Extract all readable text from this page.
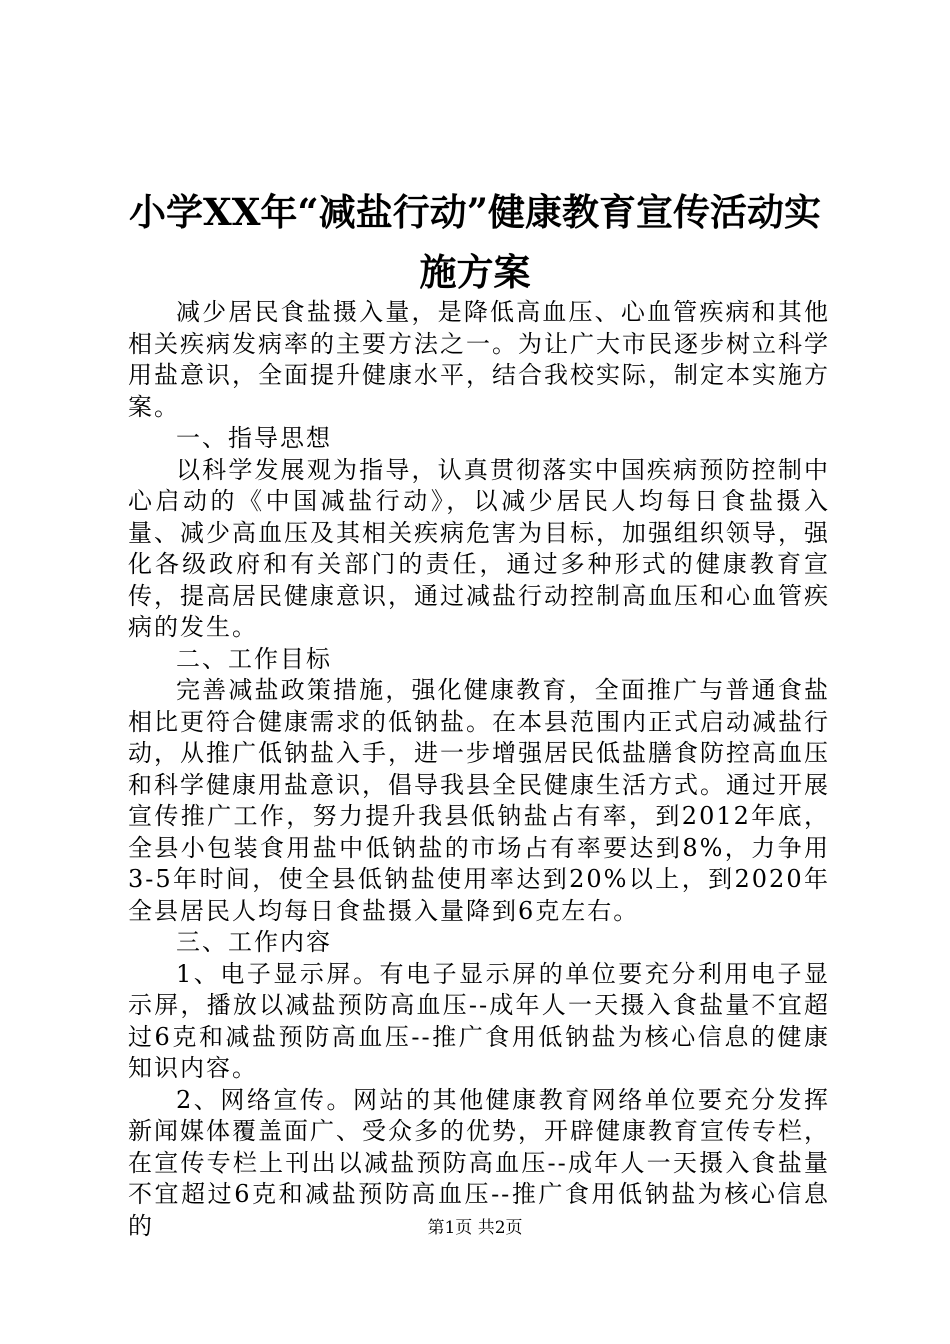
小学XX年“减盐行动”健康教育宣传活动实
施方案

减少居民食盐摄入量，是降低高血压、心血管疾病和其他相关疾病发病率的主要方法之一。为让广大市民逐步树立科学用盐意识，全面提升健康水平，结合我校实际，制定本实施方案。

一、指导思想

以科学发展观为指导，认真贯彻落实中国疾病预防控制中心启动的《中国减盐行动》，以减少居民人均每日食盐摄入量、减少高血压及其相关疾病危害为目标，加强组织领导，强化各级政府和有关部门的责任，通过多种形式的健康教育宣传，提高居民健康意识，通过减盐行动控制高血压和心血管疾病的发生。

二、工作目标

完善减盐政策措施，强化健康教育，全面推广与普通食盐相比更符合健康需求的低钠盐。在本县范围内正式启动减盐行动，从推广低钠盐入手，进一步增强居民低盐膳食防控高血压和科学健康用盐意识，倡导我县全民健康生活方式。通过开展宣传推广工作，努力提升我县低钠盐占有率，到2012年底，全县小包装食用盐中低钠盐的市场占有率要达到8%，力争用3-5年时间，使全县低钠盐使用率达到20%以上，到2020年全县居民人均每日食盐摄入量降到6克左右。

三、工作内容

1、电子显示屏。有电子显示屏的单位要充分利用电子显示屏，播放以减盐预防高血压--成年人一天摄入食盐量不宜超过6克和减盐预防高血压--推广食用低钠盐为核心信息的健康知识内容。

2、网络宣传。网站的其他健康教育网络单位要充分发挥新闻媒体覆盖面广、受众多的优势，开辟健康教育宣传专栏，在宣传专栏上刊出以减盐预防高血压--成年人一天摄入食盐量不宜超过6克和减盐预防高血压--推广食用低钠盐为核心信息的	第1页 共2页
